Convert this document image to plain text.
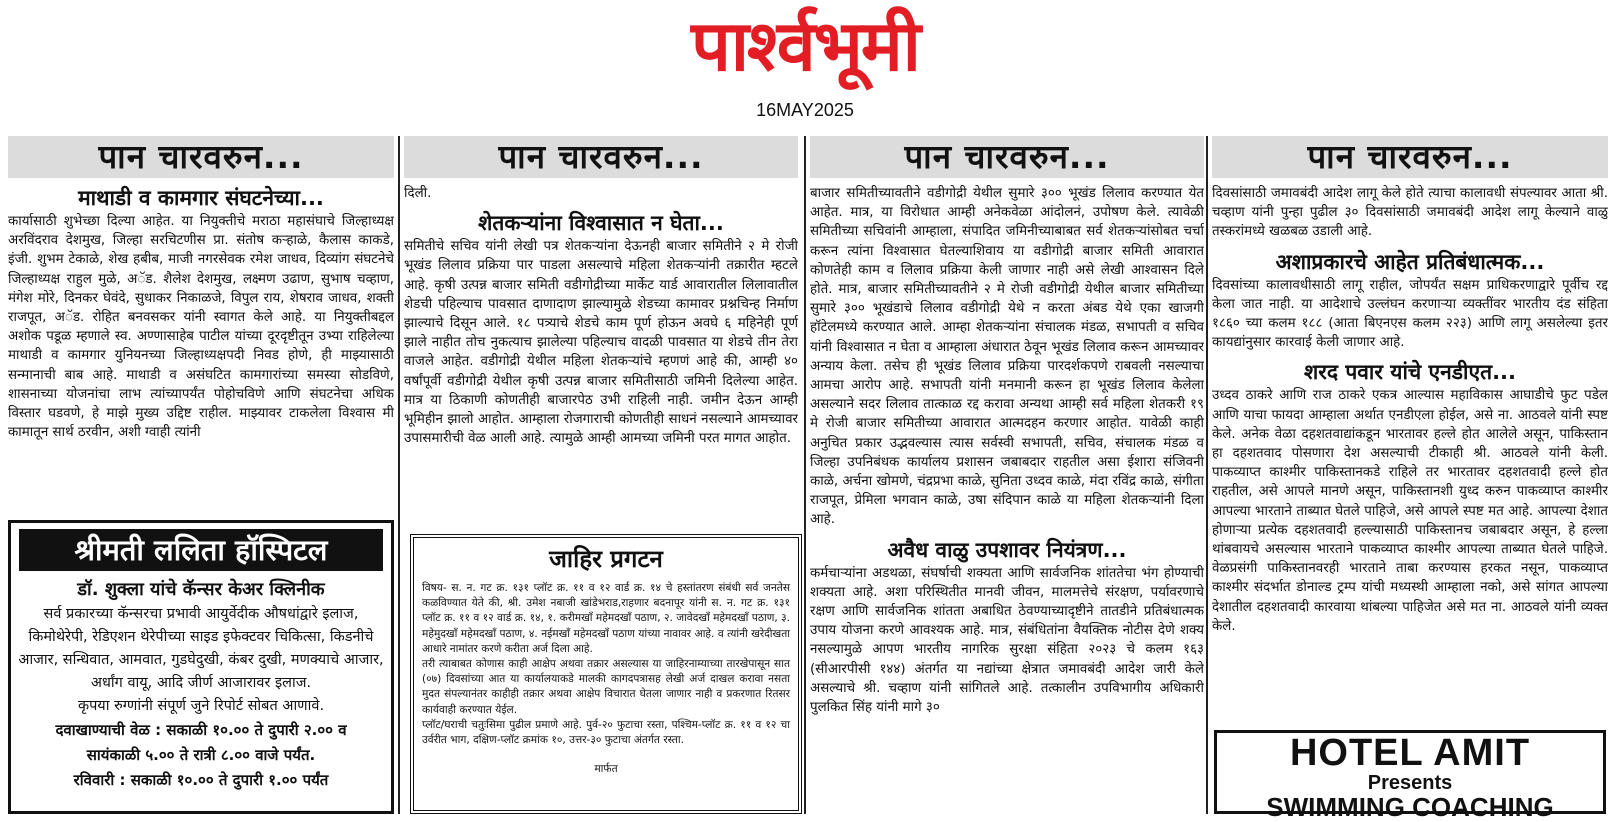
पार्श्वभूमी
16MAY2025
पान चारवरुन...
माथाडी व कामगार संघटनेच्या...

कार्यासाठी शुभेच्छा दिल्या आहेत. या नियुक्तीचे मराठा महासंघाचे जिल्हाध्यक्ष अरविंदराव देशमुख, जिल्हा सरचिटणीस प्रा. संतोष कऱ्हाळे, कैलास काकडे, इंजी. शुभम टेकाळे, शेख हबीब, माजी नगरसेवक रमेश जाधव, दिव्यांग संघटनेचे जिल्हाध्यक्ष राहुल मुळे, अॅड. शैलेश देशमुख, लक्ष्मण उढाण, सुभाष चव्हाण, मंगेश मोरे, दिनकर घेवंदे, सुधाकर निकाळजे, विपुल राय, शेषराव जाधव, शक्ती राजपूत, अॅड. रोहित बनवसकर यांनी स्वागत केले आहे. या नियुक्तीबद्दल अशोक पडूळ म्हणाले स्व. अण्णासाहेब पाटील यांच्या दूरदृष्टीतून उभ्या राहिलेल्या माथाडी व कामगार युनियनच्या जिल्हाध्यक्षपदी निवड होणे, ही माझ्यासाठी सन्मानाची बाब आहे. माथाडी व असंघटित कामगारांच्या समस्या सोडविणे, शासनाच्या योजनांचा लाभ त्यांच्यापर्यंत पोहोचविणे आणि संघटनेचा अधिक विस्तार घडवणे, हे माझे मुख्य उद्दिष्ट राहील. माझ्यावर टाकलेला विश्वास मी कामातून सार्थ ठरवीन, अशी ग्वाही त्यांनी

पान चारवरुन...

दिली.

शेतकऱ्यांना विश्वासात न घेता...

समितीचे सचिव यांनी लेखी पत्र शेतकऱ्यांना देऊनही बाजार समितीने २ मे रोजी भूखंड लिलाव प्रक्रिया पार पाडला असल्याचे महिला शेतकऱ्यांनी तक्रारीत म्हटले आहे. कृषी उत्पन्न बाजार समिती वडीगोद्रीच्या मार्केट यार्ड आवारातील लिलावातील शेडची पहिल्याच पावसात दाणादाण झाल्यामुळे शेडच्या कामावर प्रश्नचिन्ह निर्माण झाल्याचे दिसून आले. १८ पत्र्याचे शेडचे काम पूर्ण होऊन अवघे ६ महिनेही पूर्ण झाले नाहीत तोच नुकत्याच झालेल्या पहिल्याच वादळी पावसात या शेडचे तीन तेरा वाजले आहेत. वडीगोद्री येथील महिला शेतकऱ्यांचे म्हणणं आहे की, आम्ही ४० वर्षांपूर्वी वडीगोद्री येथील कृषी उत्पन्न बाजार समितीसाठी जमिनी दिलेल्या आहेत. मात्र या ठिकाणी कोणतीही बाजारपेठ उभी राहिली नाही. जमीन देऊन आम्ही भूमिहीन झालो आहोत. आम्हाला रोजगाराची कोणतीही साधनं नसल्याने आमच्यावर उपासमारीची वेळ आली आहे. त्यामुळे आम्ही आमच्या जमिनी परत मागत आहोत.

पान चारवरुन...

बाजार समितीच्यावतीने वडीगोद्री येथील सुमारे ३०० भूखंड लिलाव करण्यात येत आहेत. मात्र, या विरोधात आम्ही अनेकवेळा आंदोलनं, उपोषण केले. त्यावेळी समितीच्या सचिवांनी आम्हाला, संपादित जमिनीच्याबाबत सर्व शेतकऱ्यांसोबत चर्चा करून त्यांना विश्वासात घेतल्याशिवाय या वडीगोद्री बाजार समिती आवारात कोणतेही काम व लिलाव प्रक्रिया केली जाणार नाही असे लेखी आश्वासन दिले होते. मात्र, बाजार समितीच्यावतीने २ मे रोजी वडीगोद्री येथील बाजार समितीच्या सुमारे ३०० भूखंडाचे लिलाव वडीगोद्री येथे न करता अंबड येथे एका खाजगी हॉटेलमध्ये करण्यात आले. आम्हा शेतकऱ्यांना संचालक मंडळ, सभापती व सचिव यांनी विश्वासात न घेता व आम्हाला अंधारात ठेवून भूखंड लिलाव करून आमच्यावर अन्याय केला. तसेच ही भूखंड लिलाव प्रक्रिया पारदर्शकपणे राबवली नसल्याचा आमचा आरोप आहे. सभापती यांनी मनमानी करून हा भूखंड लिलाव केलेला असल्याने सदर लिलाव तात्काळ रद्द करावा अन्यथा आम्ही सर्व महिला शेतकरी १९ मे रोजी बाजार समितीच्या आवारात आत्मदहन करणार आहोत. यावेळी काही अनुचित प्रकार उद्भवल्यास त्यास सर्वस्वी सभापती, सचिव, संचालक मंडळ व जिल्हा उपनिबंधक कार्यालय प्रशासन जबाबदार राहतील असा ईशारा संजिवनी काळे, अर्चना खोमणे, चंद्रप्रभा काळे, सुनिता उध्दव काळे, मंदा रविंद्र काळे, संगीता राजपूत, प्रेमिला भगवान काळे, उषा संदिपान काळे या महिला शेतकऱ्यांनी दिला आहे.

अवैध वाळु उपशावर नियंत्रण...

कर्मचाऱ्यांना अडथळा, संघर्षाची शक्यता आणि सार्वजनिक शांततेचा भंग होण्याची शक्यता आहे. अशा परिस्थितीत मानवी जीवन, मालमत्तेचे संरक्षण, पर्यावरणाचे रक्षण आणि सार्वजनिक शांतता अबाधित ठेवण्याच्यादृष्टीने तातडीने प्रतिबंधात्मक उपाय योजना करणे आवश्यक आहे. मात्र, संबंधितांना वैयक्तिक नोटीस देणे शक्य नसल्यामुळे आपण भारतीय नागरिक सुरक्षा संहिता २०२३ चे कलम १६३ (सीआरपीसी १४४) अंतर्गत या नद्यांच्या क्षेत्रात जमावबंदी आदेश जारी केले असल्याचे श्री. चव्हाण यांनी सांगितले आहे. तत्कालीन उपविभागीय अधिकारी पुलकित सिंह यांनी मागे ३०

पान चारवरुन...

दिवसांसाठी जमावबंदी आदेश लागू केले होते त्याचा कालावधी संपल्यावर आता श्री. चव्हाण यांनी पुन्हा पुढील ३० दिवसांसाठी जमावबंदी आदेश लागू केल्याने वाळु तस्करांमध्ये खळबळ उडाली आहे.

अशाप्रकारचे आहेत प्रतिबंधात्मक...

दिवसांच्या कालावधीसाठी लागू राहील, जोपर्यंत सक्षम प्राधिकरणाद्वारे पूर्वीच रद्द केला जात नाही. या आदेशाचे उल्लंघन करणाऱ्या व्यक्तींवर भारतीय दंड संहिता १८६० च्या कलम १८८ (आता बिएनएस कलम २२३) आणि लागू असलेल्या इतर कायद्यांनुसार कारवाई केली जाणार आहे.

शरद पवार यांचे एनडीएत...

उध्दव ठाकरे आणि राज ठाकरे एकत्र आल्यास महाविकास आघाडीचे फुट पडेल आणि याचा फायदा आम्हाला अर्थात एनडीएला होईल, असे ना. आठवले यांनी स्पष्ट केले. अनेक वेळा दहशतवाद्यांकडून भारतावर हल्ले होत आलेले असून, पाकिस्तान हा दहशतवाद पोसणारा देश असल्याची टीकाही श्री. आठवले यांनी केली. पाकव्याप्त काश्मीर पाकिस्तानकडे राहिले तर भारतावर दहशतवादी हल्ले होत राहतील, असे आपले मानणे असून, पाकिस्तानशी युध्द करुन पाकव्याप्त काश्मीर आपल्या भारताने ताब्यात घेतले पाहिजे, असे आपले स्पष्ट मत आहे. आपल्या देशात होणाऱ्या प्रत्येक दहशतवादी हल्ल्यासाठी पाकिस्तानच जबाबदार असून, हे हल्ला थांबवायचे असल्यास भारताने पाकव्याप्त काश्मीर आपल्या ताब्यात घेतले पाहिजे. वेळप्रसंगी पाकिस्तानवरही भारताने ताबा करण्यास हरकत नसून, पाकव्याप्त काश्मीर संदर्भात डोनाल्ड ट्रम्प यांची मध्यस्थी आम्हाला नको, असे सांगत आपल्या देशातील दहशतवादी कारवाया थांबल्या पाहिजेत असे मत ना. आठवले यांनी व्यक्त केले.

श्रीमती ललिता हॉस्पिटल
डॉ. शुक्ला यांचे कॅन्सर केअर क्लिनीक
सर्व प्रकारच्या कॅन्सरचा प्रभावी आयुर्वेदीक औषधांद्वारे इलाज, किमोथेरेपी, रेडिएशन थेरेपीच्या साइड इफेक्टवर चिकित्सा, किडनीचे आजार, सन्धिवात, आमवात, गुडघेदुखी, कंबर दुखी, मणक्याचे आजार, अर्धांग वायू, आदि जीर्ण आजारावर इलाज.
कृपया रुग्णांनी संपूर्ण जुने रिपोर्ट सोबत आणावे.
दवाखाण्याची वेळ : सकाळी १०.०० ते दुपारी २.०० व
सायंकाळी ५.०० ते रात्री ८.०० वाजे पर्यंत.
रविवारी : सकाळी १०.०० ते दुपारी १.०० पर्यंत
जाहिर प्रगटन

विषय- स. न. गट क्र. १३१ प्लॉट क्र. ११ व १२ वार्ड क्र. १४ चे हस्तांतरण संबंधी सर्व जनतेस कळविण्यात येते की, श्री. उमेश नबाजी खांडेभराड,राहणार बदनापूर यांनी स. न. गट क्र. १३१ प्लॉट क्र. ११ व १२ वार्ड क्र. १४, १. करीमखाँ महेमदखाँ पठाण, २. जावेदखाँ महेमदखाँ पठाण, ३. महेमुदखाँ महेमदखाँ पठाण, ४. नईमखाँ महेमदखाँ पठाण यांच्या नावावर आहे. व त्यांनी खरेदीखता आधारे नामांतर करणे करीता अर्ज दिला आहे.

तरी त्याबाबत कोणास काही आक्षेप अथवा तक्रार असल्यास या जाहिरनाम्याच्या तारखेपासून सात (०७) दिवसांच्या आत या कार्यालयाकडे मालकी कागदपत्रासह लेखी अर्ज दाखल करावा नसता मुदत संपल्यानंतर काहीही तक्रार अथवा आक्षेप विचारात घेतला जाणार नाही व प्रकरणात रितसर कार्यवाही करण्यात येईल.

प्लॉट/घराची चतुःसिमा पुढील प्रमाणे आहे. पुर्व-२० फुटाचा रस्ता, पश्चिम-प्लॉट क्र. ११ व १२ चा उर्वरीत भाग, दक्षिण-प्लॉट क्रमांक १०, उत्तर-३० फुटाचा अंतर्गत रस्ता.

मार्फत	HOTEL AMIT
Presents
SWIMMING COACHING
